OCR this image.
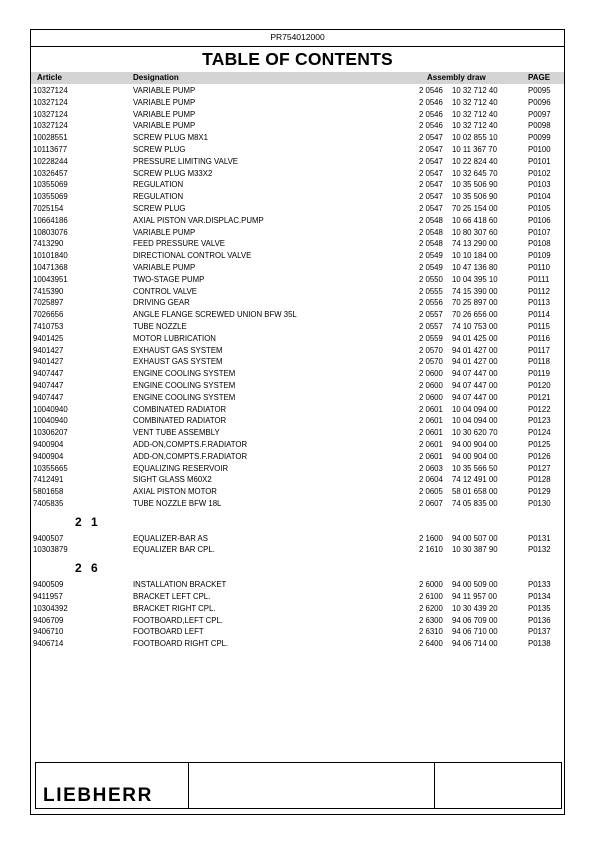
PR754012000
TABLE OF CONTENTS
Article	Designation	Assembly draw	PAGE
10327124	VARIABLE PUMP	2 0546 10 32 712 40	P0095
10327124	VARIABLE PUMP	2 0546 10 32 712 40	P0096
10327124	VARIABLE PUMP	2 0546 10 32 712 40	P0097
10327124	VARIABLE PUMP	2 0546 10 32 712 40	P0098
10028551	SCREW PLUG M8X1	2 0547 10 02 855 10	P0099
10113677	SCREW PLUG	2 0547 10 11 367 70	P0100
10228244	PRESSURE LIMITING VALVE	2 0547 10 22 824 40	P0101
10326457	SCREW PLUG M33X2	2 0547 10 32 645 70	P0102
10355069	REGULATION	2 0547 10 35 506 90	P0103
10355069	REGULATION	2 0547 10 35 506 90	P0104
7025154	SCREW PLUG	2 0547 70 25 154 00	P0105
10664186	AXIAL PISTON VAR.DISPLAC.PUMP	2 0548 10 66 418 60	P0106
10803076	VARIABLE PUMP	2 0548 10 80 307 60	P0107
7413290	FEED PRESSURE VALVE	2 0548 74 13 290 00	P0108
10101840	DIRECTIONAL CONTROL VALVE	2 0549 10 10 184 00	P0109
10471368	VARIABLE PUMP	2 0549 10 47 136 80	P0110
10043951	TWO-STAGE PUMP	2 0550 10 04 395 10	P0111
7415390	CONTROL VALVE	2 0555 74 15 390 00	P0112
7025897	DRIVING GEAR	2 0556 70 25 897 00	P0113
7026656	ANGLE FLANGE SCREWED UNION BFW 35L	2 0557 70 26 656 00	P0114
7410753	TUBE NOZZLE	2 0557 74 10 753 00	P0115
9401425	MOTOR LUBRICATION	2 0559 94 01 425 00	P0116
9401427	EXHAUST GAS SYSTEM	2 0570 94 01 427 00	P0117
9401427	EXHAUST GAS SYSTEM	2 0570 94 01 427 00	P0118
9407447	ENGINE COOLING SYSTEM	2 0600 94 07 447 00	P0119
9407447	ENGINE COOLING SYSTEM	2 0600 94 07 447 00	P0120
9407447	ENGINE COOLING SYSTEM	2 0600 94 07 447 00	P0121
10040940	COMBINATED RADIATOR	2 0601 10 04 094 00	P0122
10040940	COMBINATED RADIATOR	2 0601 10 04 094 00	P0123
10306207	VENT TUBE ASSEMBLY	2 0601 10 30 620 70	P0124
9400904	ADD-ON,COMPTS.F.RADIATOR	2 0601 94 00 904 00	P0125
9400904	ADD-ON,COMPTS.F.RADIATOR	2 0601 94 00 904 00	P0126
10355665	EQUALIZING RESERVOIR	2 0603 10 35 566 50	P0127
7412491	SIGHT GLASS M60X2	2 0604 74 12 491 00	P0128
5801658	AXIAL PISTON MOTOR	2 0605 58 01 658 00	P0129
7405835	TUBE NOZZLE BFW 18L	2 0607 74 05 835 00	P0130
2 1
9400507	EQUALIZER-BAR AS	2 1600 94 00 507 00	P0131
10303879	EQUALIZER BAR CPL.	2 1610 10 30 387 90	P0132
2 6
9400509	INSTALLATION BRACKET	2 6000 94 00 509 00	P0133
9411957	BRACKET LEFT CPL.	2 6100 94 11 957 00	P0134
10304392	BRACKET RIGHT CPL.	2 6200 10 30 439 20	P0135
9406709	FOOTBOARD,LEFT CPL.	2 6300 94 06 709 00	P0136
9406710	FOOTBOARD LEFT	2 6310 94 06 710 00	P0137
9406714	FOOTBOARD RIGHT CPL.	2 6400 94 06 714 00	P0138
LIEBHERR
